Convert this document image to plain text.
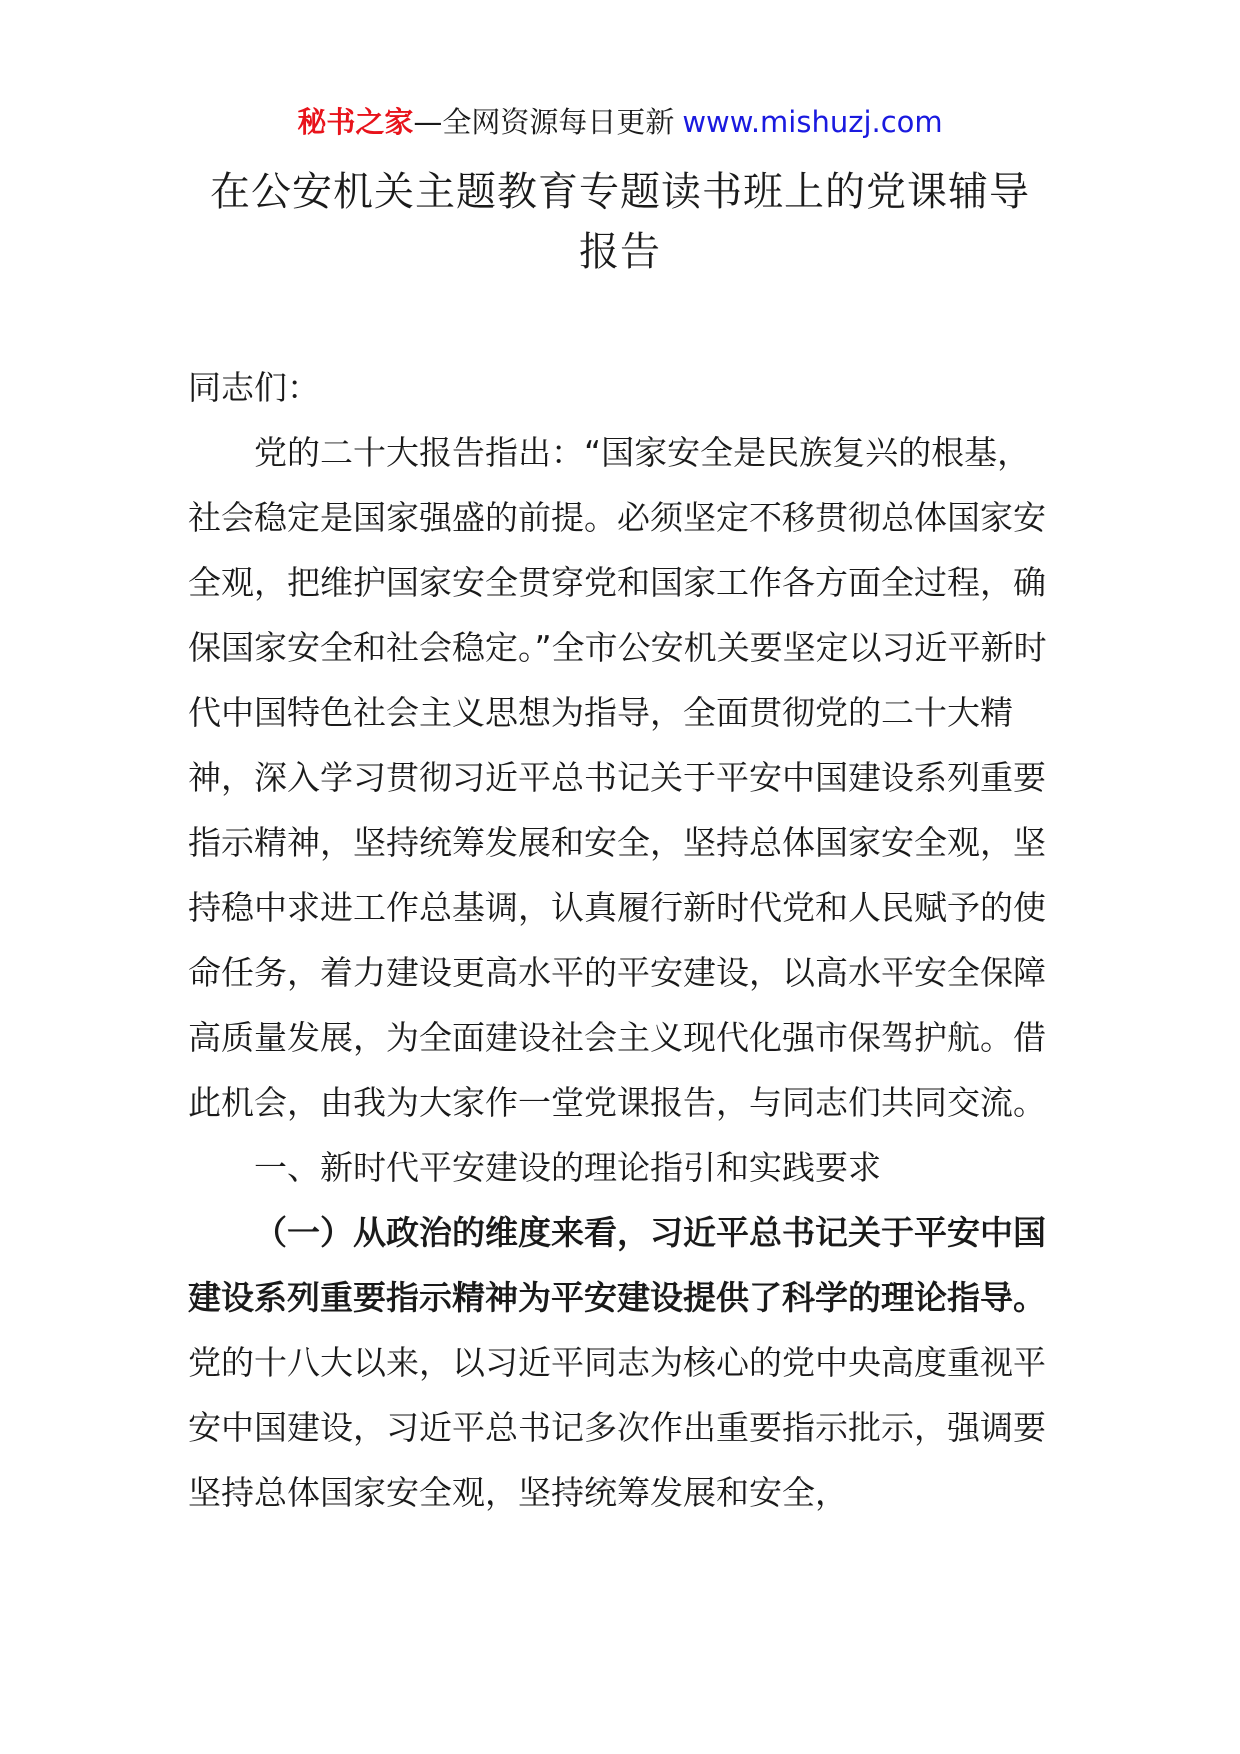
秘书之家—全网资源每日更新 www.mishuzj.com
在公安机关主题教育专题读书班上的党课辅导
报告

同志们：

党的二十大报告指出：“国家安全是民族复兴的根基，社会稳定是国家强盛的前提。必须坚定不移贯彻总体国家安全观，把维护国家安全贯穿党和国家工作各方面全过程，确保国家安全和社会稳定。”全市公安机关要坚定以习近平新时代中国特色社会主义思想为指导，全面贯彻党的二十大精神，深入学习贯彻习近平总书记关于平安中国建设系列重要指示精神，坚持统筹发展和安全，坚持总体国家安全观，坚持稳中求进工作总基调，认真履行新时代党和人民赋予的使命任务，着力建设更高水平的平安建设，以高水平安全保障高质量发展，为全面建设社会主义现代化强市保驾护航。借此机会，由我为大家作一堂党课报告，与同志们共同交流。

一、新时代平安建设的理论指引和实践要求

（一）从政治的维度来看，习近平总书记关于平安中国建设系列重要指示精神为平安建设提供了科学的理论指导。党的十八大以来，以习近平同志为核心的党中央高度重视平安中国建设，习近平总书记多次作出重要指示批示，强调要坚持总体国家安全观，坚持统筹发展和安全，
